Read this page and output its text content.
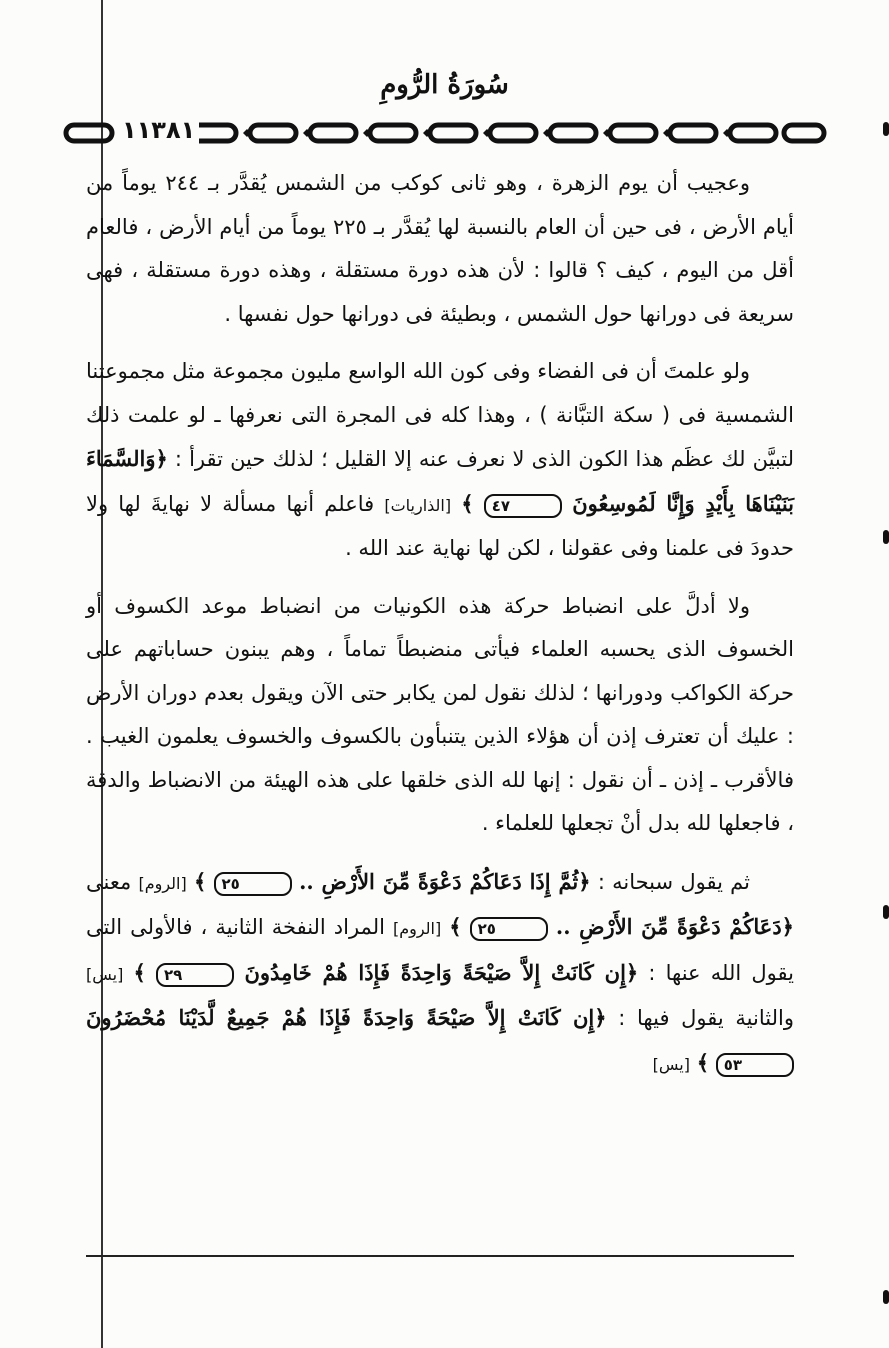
سُورَةُ الرُّومِ
١١٣٨١

وعجيب أن يوم الزهرة ، وهو ثانى كوكب من الشمس يُقدَّر بـ ٢٤٤ يوماً من أيام الأرض ، فى حين أن العام بالنسبة لها يُقدَّر بـ ٢٢٥ يوماً من أيام الأرض ، فالعام أقل من اليوم ، كيف ؟ قالوا : لأن هذه دورة مستقلة ، وهذه دورة مستقلة ، فهى سريعة فى دورانها حول الشمس ، وبطيئة فى دورانها حول نفسها .

ولو علمتَ أن فى الفضاء وفى كون الله الواسع مليون مجموعة مثل مجموعتنا الشمسية فى ( سكة التبَّانة ) ، وهذا كله فى المجرة التى نعرفها ـ لو علمت ذلك لتبيَّن لك عظَم هذا الكون الذى لا نعرف عنه إلا القليل ؛ لذلك حين تقرأ : ﴿وَالسَّمَاءَ بَنَيْنَاهَا بِأَيْدٍ وَإِنَّا لَمُوسِعُونَ ٤٧ ﴾ [الذاريات] فاعلم أنها مسألة لا نهايةَ لها ولا حدودَ فى علمنا وفى عقولنا ، لكن لها نهاية عند الله .

ولا أدلَّ على انضباط حركة هذه الكونيات من انضباط موعد الكسوف أو الخسوف الذى يحسبه العلماء فيأتى منضبطاً تماماً ، وهم يبنون حساباتهم على حركة الكواكب ودورانها ؛ لذلك نقول لمن يكابر حتى الآن ويقول بعدم دوران الأرض : عليك أن تعترف إذن أن هؤلاء الذين يتنبأون بالكسوف والخسوف يعلمون الغيب . فالأقرب ـ إذن ـ أن نقول : إنها لله الذى خلقها على هذه الهيئة من الانضباط والدقة ، فاجعلها لله بدل أنْ تجعلها للعلماء .

ثم يقول سبحانه : ﴿ثُمَّ إِذَا دَعَاكُمْ دَعْوَةً مِّنَ الأَرْضِ .. ٢٥ ﴾ [الروم] معنى ﴿دَعَاكُمْ دَعْوَةً مِّنَ الأَرْضِ .. ٢٥ ﴾ [الروم] المراد النفخة الثانية ، فالأولى التى يقول الله عنها : ﴿إِن كَانَتْ إِلاَّ صَيْحَةً وَاحِدَةً فَإِذَا هُمْ خَامِدُونَ ٢٩ ﴾ [يس] والثانية يقول فيها : ﴿إِن كَانَتْ إِلاَّ صَيْحَةً وَاحِدَةً فَإِذَا هُمْ جَمِيعٌ لَّدَيْنَا مُحْضَرُونَ ٥٣ ﴾ [يس]
